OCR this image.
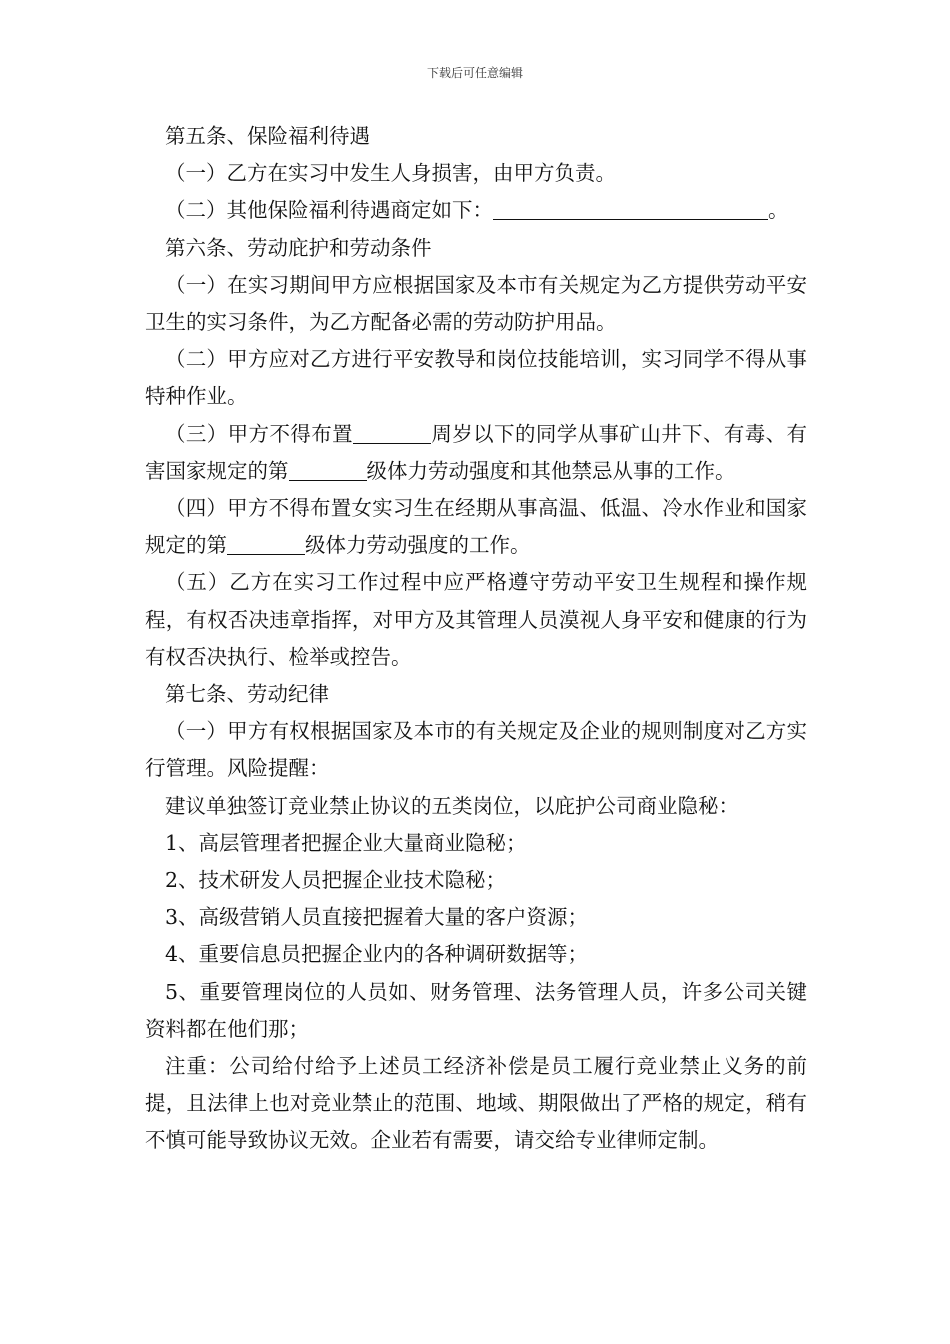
下载后可任意编辑

第五条、保险福利待遇

（一）乙方在实习中发生人身损害，由甲方负责。

（二）其他保险福利待遇商定如下：	。

第六条、劳动庇护和劳动条件

（一）在实习期间甲方应根据国家及本市有关规定为乙方提供劳动平安卫生的实习条件，为乙方配备必需的劳动防护用品。

（二）甲方应对乙方进行平安教导和岗位技能培训，实习同学不得从事特种作业。

（三）甲方不得布置	周岁以下的同学从事矿山井下、有毒、有害国家规定的第	级体力劳动强度和其他禁忌从事的工作。

（四）甲方不得布置女实习生在经期从事高温、低温、冷水作业和国家规定的第	级体力劳动强度的工作。

（五）乙方在实习工作过程中应严格遵守劳动平安卫生规程和操作规程，有权否决违章指挥，对甲方及其管理人员漠视人身平安和健康的行为有权否决执行、检举或控告。

第七条、劳动纪律

（一）甲方有权根据国家及本市的有关规定及企业的规则制度对乙方实行管理。风险提醒：

建议单独签订竞业禁止协议的五类岗位，以庇护公司商业隐秘：

1、高层管理者把握企业大量商业隐秘；

2、技术研发人员把握企业技术隐秘；

3、高级营销人员直接把握着大量的客户资源；

4、重要信息员把握企业内的各种调研数据等；

5、重要管理岗位的人员如、财务管理、法务管理人员，许多公司关键资料都在他们那；

注重：公司给付给予上述员工经济补偿是员工履行竞业禁止义务的前提，且法律上也对竞业禁止的范围、地域、期限做出了严格的规定，稍有不慎可能导致协议无效。企业若有需要，请交给专业律师定制。
